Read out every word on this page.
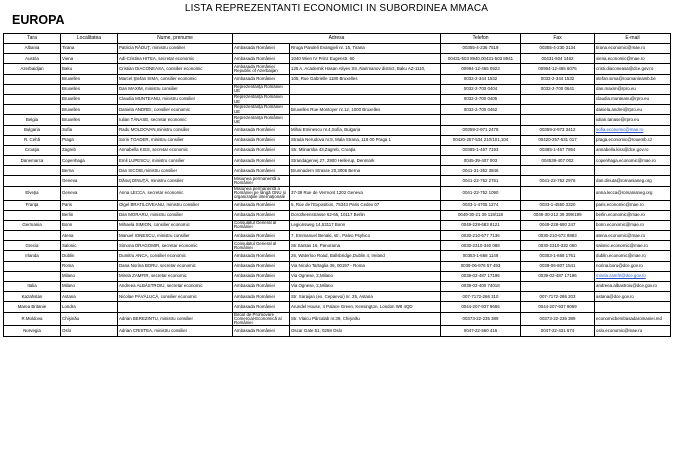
LISTA REPREZENTANTI ECONOMICI IN SUBORDINEA MMACA
EUROPA
Tara	Localitatea	Nume, prenume	Adresa		Telefon	Fax	E-mail
Albania	Tirana	Patricia RĂDUŢ, ministru consilier	Ambasada României	Rruga Pandeli Evangjeli nr. 15, Tirana	00355-4-236 7519	00355-4-230 3134	tirana.economic@mae.ro
Austria	Viena	Adi-Cristina HITEA, secretar economic	Ambasada României	1040 Wien IV Prinz Eugenstr. 60	00431-503 8940,00431-503 8941	00431-504 1462	viena.economic@mae.ro
Azerbaidjan	Baku	Cristian DIACONEASA, consilier economic	Ambasada României Republic of Azerbaijan	125 A, Academik Hasan Aliyev Str.,Narimanov district, Baku AZ-1110,	00994-12-465 0923	00994-12-465 6076	cristi.diaconeasa@dce.gov.ro
	Bruxelles	Marcel Ştefan SIMA, consilier economic	Ambasada României	105, Rue Gabrielle 1180 Bruxelles	0032-2-344 1532	0032-2-344 1532	stefan.sima@roumanieamb.be
	Bruxelles	Dan MAXIM, ministru consilier	Reprezentanţa României UE		0032-2-700 0404	0032-2-700 0641	dan.maxim@rpro.eu
	Bruxelles	Claudia MUNTEANU, ministru consilier	Reprezentanţa României UE		0032-2-700 0405		claudia.munteanu@rpro.eu
	Bruxelles	Daniela ANDREI, consilier economic	Reprezentanţa României UE	Bruxelles Rue Montoyer nr.12, 1000 Bruxelles	0032-2-700 0462		daniela.andrei@rpro.eu
Belgia	Bruxelles	Iulian TĂNASE, secretar economic	Reprezentanţa României UE				iulian.tanase@rpro.eu
Bulgaria	Sofia	Radu MOLDOVAN,ministru consilier	Ambasada României	Mihai Eminescu nr.4,Sofia, Bulgaria	00359-2-971 2478	00359-2-973 3412	sofia.economic@mae.ro
R. Cehă	Praga	Sorin TOADER, ministru consilier	Ambasada României	Strada Nerudova nr.5, Mala Strana, 118 00 Praga 1	00420-257-534 210/101,104	00420-257-531 017	praga.economic@rouemb.cz
Croaţia	Zagreb	Annabella KISS, secretar economic	Ambasada României	Str. Mlinarska 43,Zagreb, Croaţia	00385-1-467 7193	00385-1-467 7854	annabella.kiss@dce.gov.ro
Danemarca	Copenhaga	Emil LUPESCU, ministru consilier	Ambasada României	Strandagervej 27, 2900 Hellerup, Denmark	0045-39-407 003	004539-407 002	copenhaga.economic@mae.ro
	Berna	Dan SICOIE,ministru consilier	Ambasada României	Brunnadern Strasse 20,3006 Berna	0041-31-352 3846		
	Geneva	Dănuţ DINUŢĂ, ministru consilier	Misiunea permanentă a României		0041-22-752 2761	0041-22-752 2976	dan.dinuta@romanianeg.org
Elveţia	Geneva	Anna LECCA, secretar economic	Misiunea permanentă a României pe lângă ONU şi organizaţiile internaţionale	37-39 Rue de Vermont 1202 Geneva	0041-22-752 1090		anna.lecca@romanianeg.org
Franţa	Paris	Olgel BRATILOVEANU, ministru consilier	Ambasada României	5, Rue de l'Exposition, 75343 Paris Cedex 07	0033-1-4705 1274	0033-1-4550 3320	paris.economic@mae.ro
	Berlin	Dan MORARU, ministru consilier	Ambasada României	Dorotheenstrasse 62-66, 10117 Berlin	0049-30-21 39 119/118	0049-30-212 39 399/199	berlin.economic@mae.ro
Germania	Bonn	Mihaela SIMION, consilier economic	Consulatul General al României	Legionsweg 14,53117 Bonn	0049-228-683 8121	0049-228-680 247	bonn.economic@mae.ro
	Atena	Manuel IONESCU, ministru consilier	Ambasada României	7, Emmanuel Benaki, str., Paleo Psyhico	0030-210-677 7136	0030-210-672 8883	atena.economic@mae.ro
Grecia	Salonic	Simona DRAGOMIR, secretar economic	Consulatul General al României	Str.Santas 16, Panorama	0030-2310-340 088	0030-2310-332 060	salonic.economic@mae.ro
Irlanda	Dublin	Dumitru ANCA, consilier economic	Ambasada României	26, Waterloo Road, Ballsbridge,Dublin 4, Ireland	00353-1-668 1149	00353-1-668 1761	dublin.economic@mae.ro
	Roma	Dana Norina BORU, secretar economic	Ambasada României	Via Nicolo Tartaglia 36, 00197 - Roma	0039-06-976 57 493	0039-06-807 1541	norina.boru@dce.gov.ro
	Milano	Mirela ZAMFIR, secretar economic	Ambasada României	Via Ognese, 2,Milano	0039-02-487 17196	0039-02-487 17196	mirela.zamfir@dce.gov.ro
Italia	Milano	Andreea ALBĂSTROIU, secretar economic	Ambasada României	Via Ognese, 2,Milano	0039-02-400 74018		andreea.albastroiu@dce.gov.ro
Kazahstan	Astana	Nicolae PĂVĂLUCĂ, consilier economic	Ambasada României	Str. Saraijan (ex. Cepaevoi) nr. 25, Astana	007-7172-266 310	007-7172-286 203	astana@dce.gov.ro
Marea Britanie	Londra		Ambasada României	Arundel House, 4 Palace Green, Kensington, London W8 4QD	0044-207-937 9666	0044-207-937 8069	
R.Moldova	Chişinău	Adrian BEREZINTU, ministru consilier	Biroul de Promovare Comercial-Economică al României	Str. Vlaicu Pârcalab nr.39, Chişinău	00373-22-235 389	00373-22-235 389	economicbembasadaromaniei.md
Norvegia	Oslo	Adrian CRISTEA, ministru consilier	Ambasada României	Oscar Gate 51, 0258 Oslo	0047-22-560 416	0047-22-431 674	oslo.economic@mae.ro
